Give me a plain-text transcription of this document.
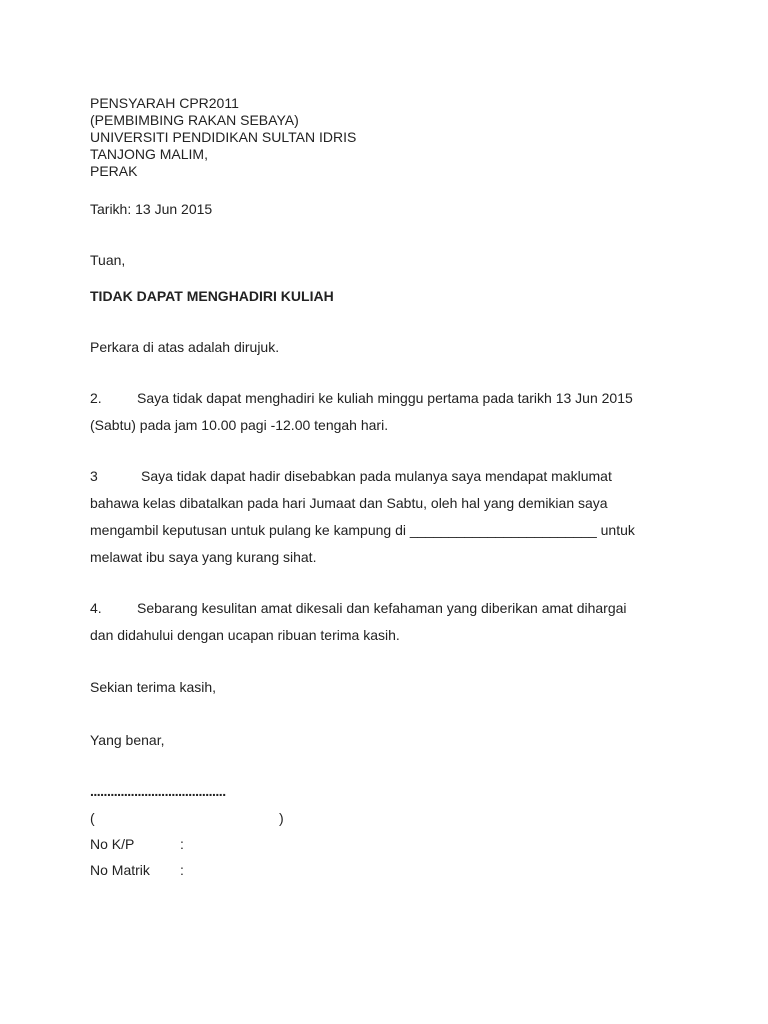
PENSYARAH CPR2011
(PEMBIMBING RAKAN SEBAYA)
UNIVERSITI PENDIDIKAN SULTAN IDRIS
TANJONG MALIM,
PERAK
Tarikh: 13 Jun 2015
Tuan,
TIDAK DAPAT MENGHADIRI KULIAH
Perkara di atas adalah dirujuk.
2.	Saya tidak dapat menghadiri ke kuliah minggu pertama pada tarikh 13 Jun 2015
(Sabtu) pada jam 10.00 pagi -12.00 tengah hari.
3	Saya tidak dapat hadir disebabkan pada mulanya saya mendapat maklumat
bahawa kelas dibatalkan pada hari Jumaat dan Sabtu, oleh hal yang demikian saya
mengambil keputusan untuk pulang ke kampung di ________________________ untuk
melawat ibu saya yang kurang sihat.
4.	Sebarang kesulitan amat dikesali dan kefahaman yang diberikan amat dihargai
dan didahului dengan ucapan ribuan terima kasih.
Sekian terima kasih,
Yang benar,
........................................
(	)
No K/P	:
No Matrik :
